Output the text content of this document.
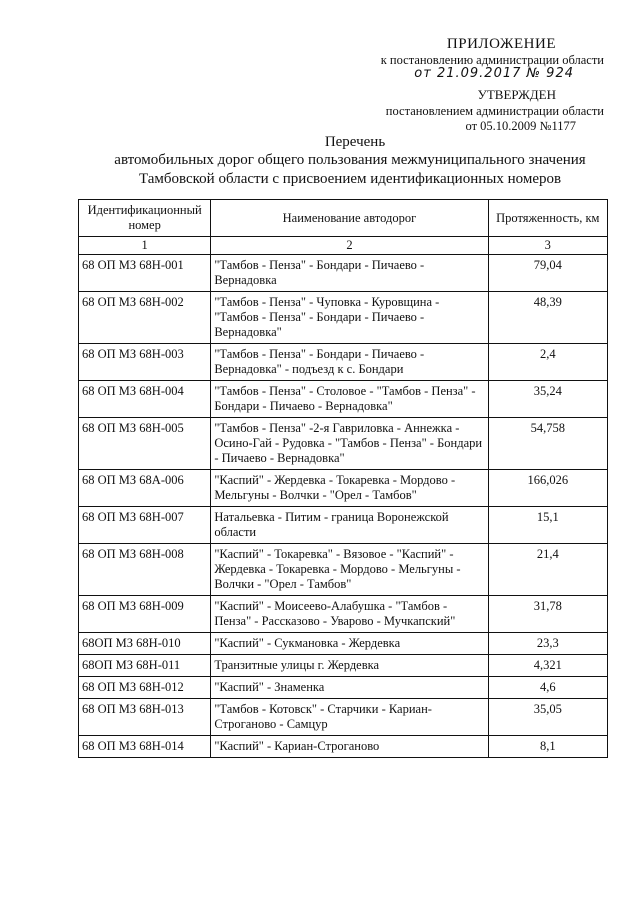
ПРИЛОЖЕНИЕ
к постановлению администрации области
от 21.09.2017 № 924
УТВЕРЖДЕН
постановлением администрации области
от 05.10.2009 №1177
Перечень
автомобильных дорог общего пользования межмуниципального значения
Тамбовской области с присвоением идентификационных номеров
Идентификационный номер	Наименование автодорог	Протяженность, км
1	2	3
68 ОП МЗ 68Н-001	"Тамбов - Пенза" - Бондари - Пичаево - Вернадовка	79,04
68 ОП МЗ 68Н-002	"Тамбов - Пенза" - Чуповка - Куровщина - "Тамбов - Пенза" - Бондари - Пичаево - Вернадовка"	48,39
68 ОП МЗ 68Н-003	"Тамбов - Пенза" - Бондари - Пичаево - Вернадовка" - подъезд к с. Бондари	2,4
68 ОП МЗ 68Н-004	"Тамбов - Пенза" - Столовое - "Тамбов - Пенза" - Бондари - Пичаево - Вернадовка"	35,24
68 ОП МЗ 68Н-005	"Тамбов - Пенза" -2-я Гавриловка - Аннежка - Осино-Гай - Рудовка - "Тамбов - Пенза" - Бондари - Пичаево - Вернадовка"	54,758
68 ОП МЗ 68А-006	"Каспий" - Жердевка - Токаревка - Мордово - Мельгуны - Волчки - "Орел - Тамбов"	166,026
68 ОП МЗ 68Н-007	Натальевка - Питим - граница Воронежской области	15,1
68 ОП МЗ 68Н-008	"Каспий" - Токаревка" - Вязовое - "Каспий" - Жердевка - Токаревка - Мордово - Мельгуны - Волчки - "Орел - Тамбов"	21,4
68 ОП МЗ 68Н-009	"Каспий" - Моисеево-Алабушка - "Тамбов - Пенза" - Рассказово - Уварово - Мучкапский"	31,78
68ОП МЗ 68Н-010	"Каспий" - Сукмановка - Жердевка	23,3
68ОП МЗ 68Н-011	Транзитные улицы г. Жердевка	4,321
68 ОП МЗ 68Н-012	"Каспий" - Знаменка	4,6
68 ОП МЗ 68Н-013	"Тамбов - Котовск" - Старчики - Кариан-Строганово - Самцур	35,05
68 ОП МЗ 68Н-014	"Каспий" - Кариан-Строганово	8,1
